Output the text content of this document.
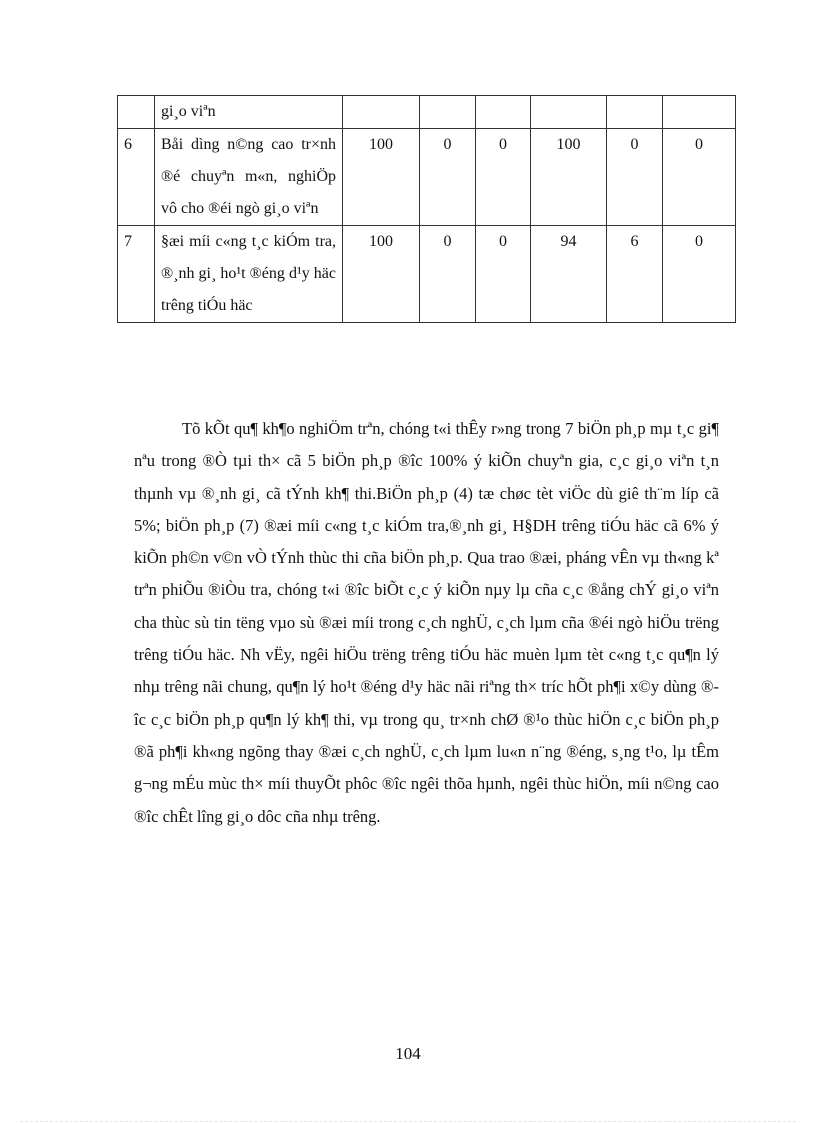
	gi¸o viªn						
6	Båi dìng n©ng cao tr×nh ®é chuyªn m«n, nghiÖp vô cho ®éi ngò gi¸o viªn	100	0	0	100	0	0
7	§æi míi c«ng t¸c kiÓm tra, ®¸nh gi¸ ho¹t ®éng d¹y häc trêng tiÓu häc	100	0	0	94	6	0

Tõ kÕt qu¶ kh¶o nghiÖm trªn, chóng t«i thÊy r»ng trong 7 biÖn ph¸p mµ t¸c gi¶ nªu trong ®Ò tµi th× cã 5 biÖn ph¸p ®îc 100% ý kiÕn chuyªn gia, c¸c gi¸o viªn t¸n thµnh vµ ®¸nh gi¸ cã tÝnh kh¶ thi.BiÖn ph¸p (4) tæ chøc tèt viÖc dù giê th¨m líp cã 5%; biÖn ph¸p (7) ®æi míi c«ng t¸c kiÓm tra,®¸nh gi¸ H§DH trêng tiÓu häc cã 6% ý kiÕn ph©n v©n vÒ tÝnh thùc thi cña biÖn ph¸p. Qua trao ®æi, pháng vÊn vµ th«ng kª trªn phiÕu ®iÒu tra, chóng t«i ®îc biÕt c¸c ý kiÕn nµy lµ cña c¸c ®ång chÝ gi¸o viªn cha thùc sù tin tëng vµo sù ®æi míi trong c¸ch nghÜ, c¸ch lµm cña ®éi ngò hiÖu trëng trêng tiÓu häc. Nh vËy, ngêi hiÖu trëng trêng tiÓu häc muèn lµm tèt c«ng t¸c qu¶n lý nhµ trêng nãi chung, qu¶n lý ho¹t ®éng d¹y häc nãi riªng th× tríc hÕt ph¶i x©y dùng ®îc c¸c biÖn ph¸p qu¶n lý kh¶ thi, vµ trong qu¸ tr×nh chØ ®¹o thùc hiÖn c¸c biÖn ph¸p ®ã ph¶i kh«ng ngõng thay ®æi c¸ch nghÜ, c¸ch lµm lu«n n¨ng ®éng, s¸ng t¹o, lµ tÊm g¬ng mÉu mùc th× míi thuyÕt phôc ®îc ngêi thõa hµnh, ngêi thùc hiÖn, míi n©ng cao ®îc chÊt lîng gi¸o dôc cña nhµ trêng.

104
